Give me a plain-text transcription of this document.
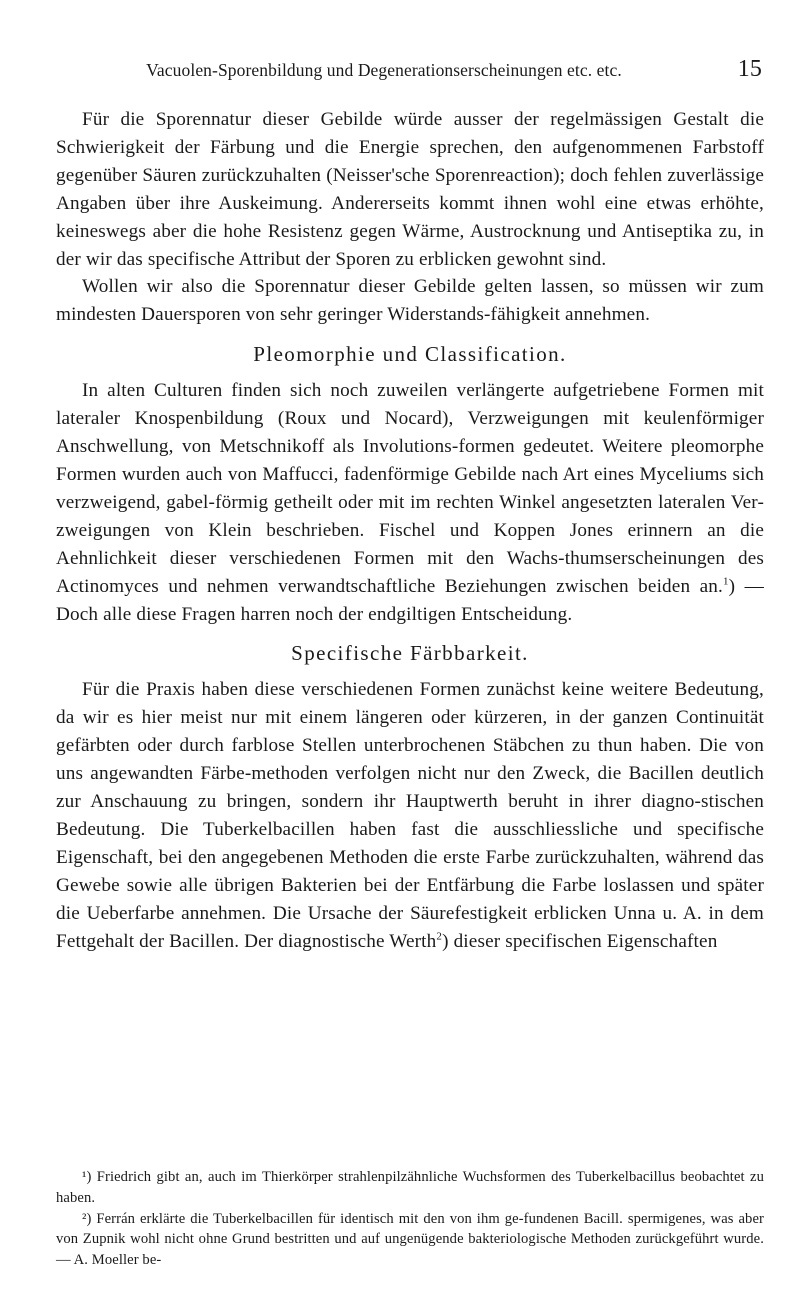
Vacuolen-Sporenbildung und Degenerationserscheinungen etc. etc.	15

Für die Sporennatur dieser Gebilde würde ausser der regelmässigen Gestalt die Schwierigkeit der Färbung und die Energie sprechen, den aufgenommenen Farbstoff gegenüber Säuren zurückzuhalten (Neisser'sche Sporenreaction); doch fehlen zuverlässige Angaben über ihre Auskeimung. Andererseits kommt ihnen wohl eine etwas erhöhte, keineswegs aber die hohe Resistenz gegen Wärme, Austrocknung und Antiseptika zu, in der wir das specifische Attribut der Sporen zu erblicken gewohnt sind.

Wollen wir also die Sporennatur dieser Gebilde gelten lassen, so müssen wir zum mindesten Dauersporen von sehr geringer Widerstands-fähigkeit annehmen.

Pleomorphie und Classification.

In alten Culturen finden sich noch zuweilen verlängerte aufgetriebene Formen mit lateraler Knospenbildung (Roux und Nocard), Verzweigungen mit keulenförmiger Anschwellung, von Metschnikoff als Involutions-formen gedeutet. Weitere pleomorphe Formen wurden auch von Maffucci, fadenförmige Gebilde nach Art eines Myceliums sich verzweigend, gabel-förmig getheilt oder mit im rechten Winkel angesetzten lateralen Ver-zweigungen von Klein beschrieben. Fischel und Koppen Jones erinnern an die Aehnlichkeit dieser verschiedenen Formen mit den Wachs-thumserscheinungen des Actinomyces und nehmen verwandtschaftliche Beziehungen zwischen beiden an.$^1$) — Doch alle diese Fragen harren noch der endgiltigen Entscheidung.

Specifische Färbbarkeit.

Für die Praxis haben diese verschiedenen Formen zunächst keine weitere Bedeutung, da wir es hier meist nur mit einem längeren oder kürzeren, in der ganzen Continuität gefärbten oder durch farblose Stellen unterbrochenen Stäbchen zu thun haben. Die von uns angewandten Färbe-methoden verfolgen nicht nur den Zweck, die Bacillen deutlich zur Anschauung zu bringen, sondern ihr Hauptwerth beruht in ihrer diagno-stischen Bedeutung. Die Tuberkelbacillen haben fast die ausschliessliche und specifische Eigenschaft, bei den angegebenen Methoden die erste Farbe zurückzuhalten, während das Gewebe sowie alle übrigen Bakterien bei der Entfärbung die Farbe loslassen und später die Ueberfarbe annehmen. Die Ursache der Säurefestigkeit erblicken Unna u. A. in dem Fettgehalt der Bacillen. Der diagnostische Werth$^2$) dieser specifischen Eigenschaften

¹) Friedrich gibt an, auch im Thierkörper strahlenpilzähnliche Wuchsformen des Tuberkelbacillus beobachtet zu haben.

²) Ferrán erklärte die Tuberkelbacillen für identisch mit den von ihm ge-fundenen Bacill. spermigenes, was aber von Zupnik wohl nicht ohne Grund bestritten und auf ungenügende bakteriologische Methoden zurückgeführt wurde. — A. Moeller be-
